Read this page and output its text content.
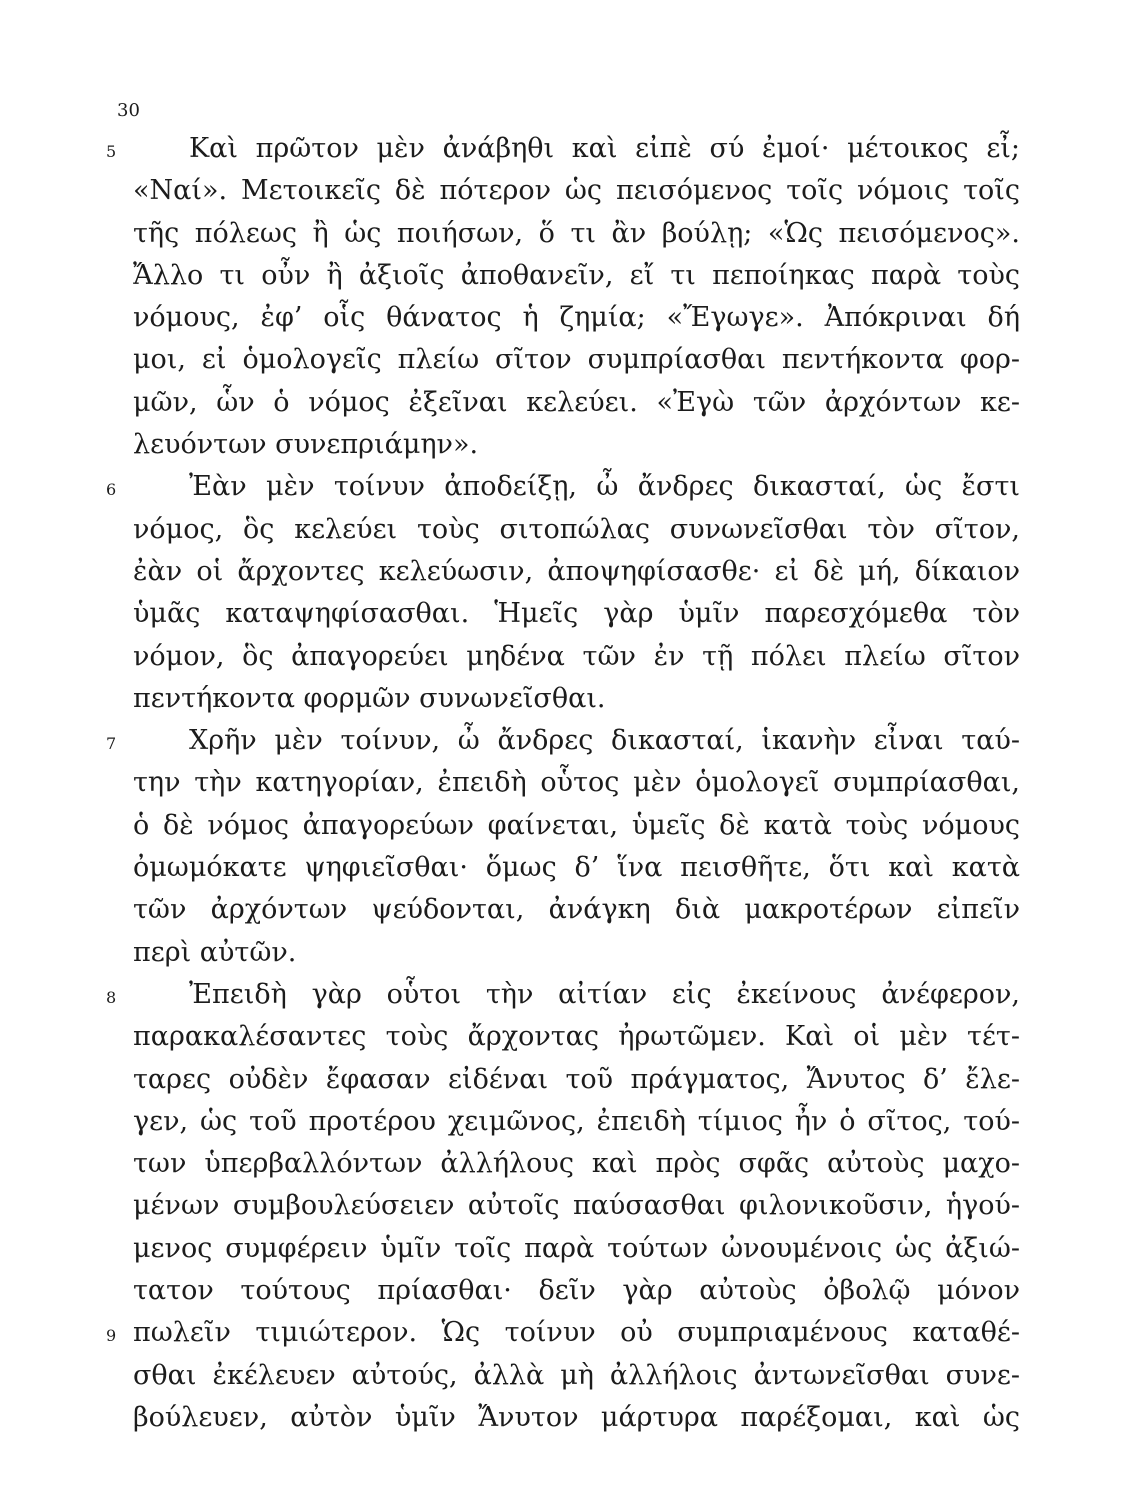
30
5	Καὶ πρῶτον μὲν ἀνάβηθι καὶ εἰπὲ σύ ἐμοί· μέτοικος εἶ;
«Ναί». Μετοικεῖς δὲ πότερον ὡς πεισόμενος τοῖς νόμοις τοῖς
τῆς πόλεως ἢ ὡς ποιήσων, ὅ τι ἂν βούλῃ; «Ὡς πεισόμενος».
Ἄλλο τι οὖν ἢ ἀξιοῖς ἀποθανεῖν, εἴ τι πεποίηκας παρὰ τοὺς
νόμους, ἐφ’ οἷς θάνατος ἡ ζημία; «Ἔγωγε». Ἀπόκριναι δή
μοι, εἰ ὁμολογεῖς πλείω σῖτον συμπρίασθαι πεντήκοντα φορ-
μῶν, ὧν ὁ νόμος ἐξεῖναι κελεύει. «Ἐγὼ τῶν ἀρχόντων κε-
λευόντων συνεπριάμην».
6	Ἐὰν μὲν τοίνυν ἀποδείξῃ, ὦ ἄνδρες δικασταί, ὡς ἔστι
νόμος, ὃς κελεύει τοὺς σιτοπώλας συνωνεῖσθαι τὸν σῖτον,
ἐὰν οἱ ἄρχοντες κελεύωσιν, ἀποψηφίσασθε· εἰ δὲ μή, δίκαιον
ὑμᾶς καταψηφίσασθαι. Ἡμεῖς γὰρ ὑμῖν παρεσχόμεθα τὸν
νόμον, ὃς ἀπαγορεύει μηδένα τῶν ἐν τῇ πόλει πλείω σῖτον
πεντήκοντα φορμῶν συνωνεῖσθαι.
7	Χρῆν μὲν τοίνυν, ὦ ἄνδρες δικασταί, ἱκανὴν εἶναι ταύ-
την τὴν κατηγορίαν, ἐπειδὴ οὗτος μὲν ὁμολογεῖ συμπρίασθαι,
ὁ δὲ νόμος ἀπαγορεύων φαίνεται, ὑμεῖς δὲ κατὰ τοὺς νόμους
ὀμωμόκατε ψηφιεῖσθαι· ὅμως δ’ ἵνα πεισθῆτε, ὅτι καὶ κατὰ
τῶν ἀρχόντων ψεύδονται, ἀνάγκη διὰ μακροτέρων εἰπεῖν
περὶ αὐτῶν.
8	Ἐπειδὴ γὰρ οὗτοι τὴν αἰτίαν εἰς ἐκείνους ἀνέφερον,
παρακαλέσαντες τοὺς ἄρχοντας ἠρωτῶμεν. Καὶ οἱ μὲν τέτ-
ταρες οὐδὲν ἔφασαν εἰδέναι τοῦ πράγματος, Ἄνυτος δ’ ἔλε-
γεν, ὡς τοῦ προτέρου χειμῶνος, ἐπειδὴ τίμιος ἦν ὁ σῖτος, τού-
των ὑπερβαλλόντων ἀλλήλους καὶ πρὸς σφᾶς αὐτοὺς μαχο-
μένων συμβουλεύσειεν αὐτοῖς παύσασθαι φιλονικοῦσιν, ἡγού-
μενος συμφέρειν ὑμῖν τοῖς παρὰ τούτων ὠνουμένοις ὡς ἀξιώ-
τατον τούτους πρίασθαι· δεῖν γὰρ αὐτοὺς ὀβολῷ μόνον
9 πωλεῖν τιμιώτερον. Ὡς τοίνυν οὐ συμπριαμένους καταθέ-
σθαι ἐκέλευεν αὐτούς, ἀλλὰ μὴ ἀλλήλοις ἀντωνεῖσθαι συνε-
βούλευεν, αὐτὸν ὑμῖν Ἄνυτον μάρτυρα παρέξομαι, καὶ ὡς
